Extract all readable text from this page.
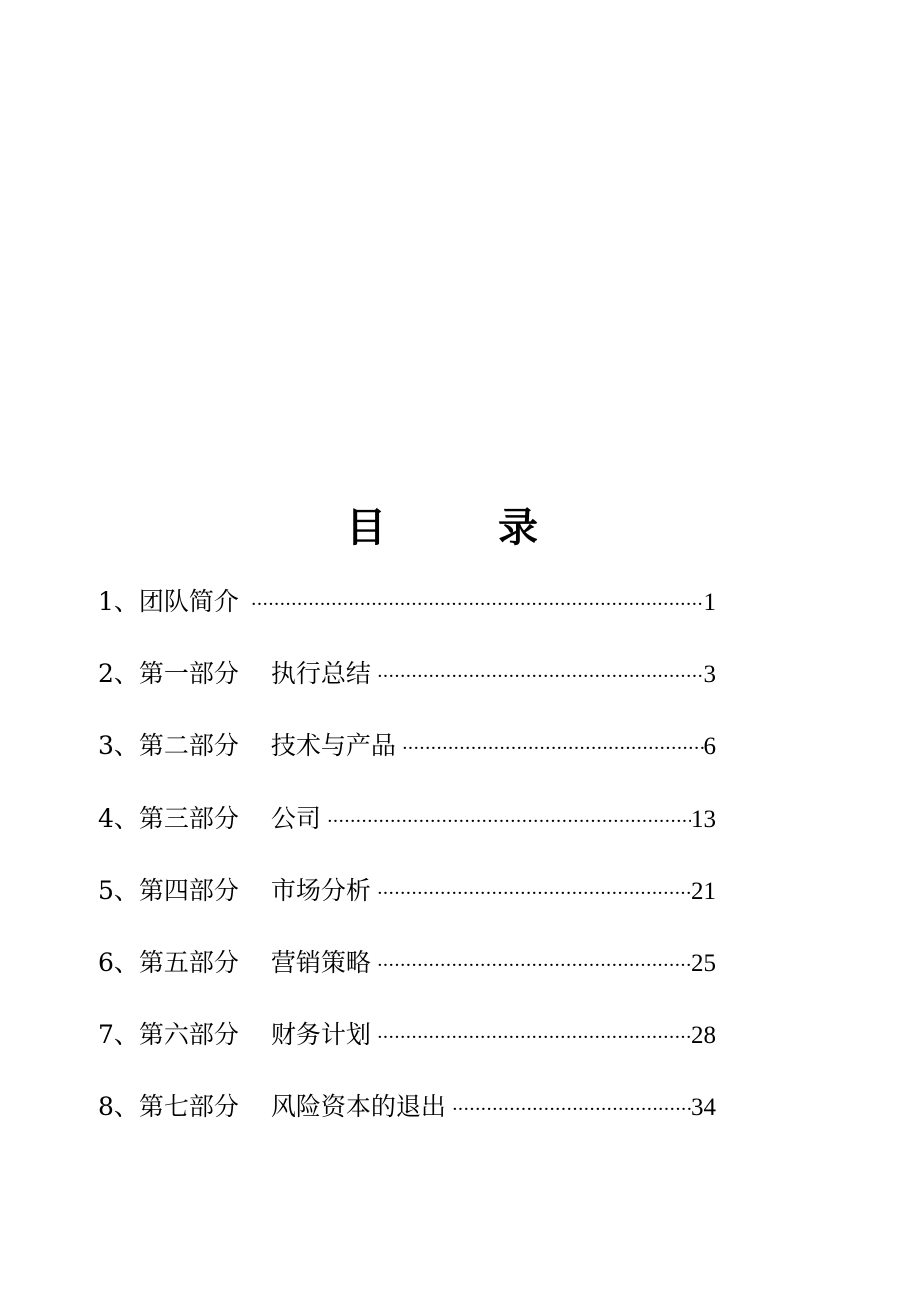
目　录
1、 团队简介 ·····	1
2、 第一部分 执行总结 ·····	3
3、 第二部分 技术与产品 ·····	6
4、 第三部分 公司 ·····	13
5、 第四部分 市场分析 ·····	21
6、 第五部分 营销策略 ·····	25
7、 第六部分 财务计划 ·····	28
8、 第七部分 风险资本的退出 ·····	34
